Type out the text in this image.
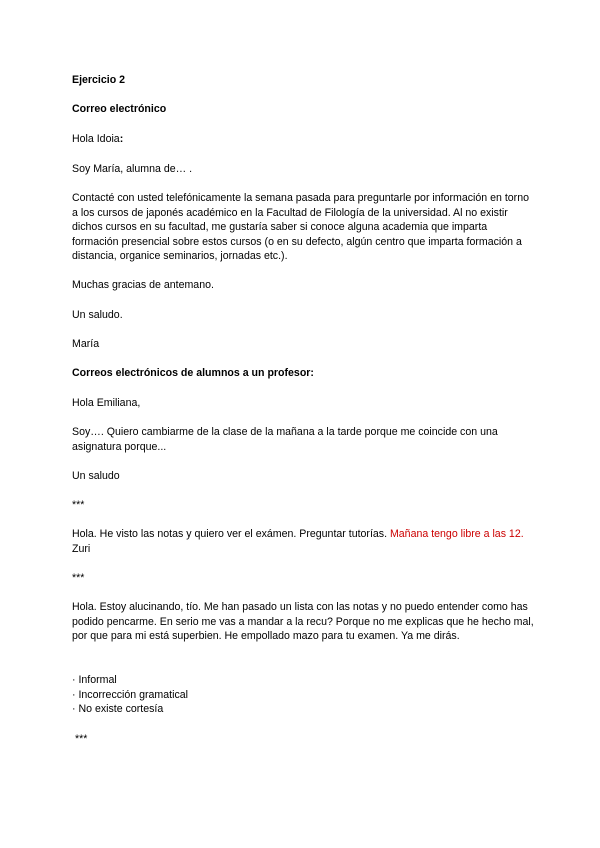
Ejercicio 2

Correo electrónico

Hola Idoia:

Soy María, alumna de… .

Contacté con usted telefónicamente la semana pasada para preguntarle por información en torno a los cursos de japonés académico en la Facultad de Filología de la universidad. Al no existir dichos cursos en su facultad, me gustaría saber si conoce alguna academia que imparta formación presencial sobre estos cursos (o en su defecto, algún centro que imparta formación a distancia, organice seminarios, jornadas etc.).

Muchas gracias de antemano.

Un saludo.

María

Correos electrónicos de alumnos a un profesor:

Hola Emiliana,

Soy…. Quiero cambiarme de la clase de la mañana a la tarde porque me coincide con una asignatura porque...

Un saludo

***

Hola. He visto las notas y quiero ver el exámen. Preguntar tutorías. Mañana tengo libre a las 12. Zuri

***

Hola. Estoy alucinando, tío. Me han pasado un lista con las notas y no puedo entender como has podido pencarme. En serio me vas a mandar a la recu? Porque no me explicas que he hecho mal, por que para mi está superbien. He empollado mazo para tu examen. Ya me dirás.

· Informal
· Incorrección gramatical
· No existe cortesía

***
